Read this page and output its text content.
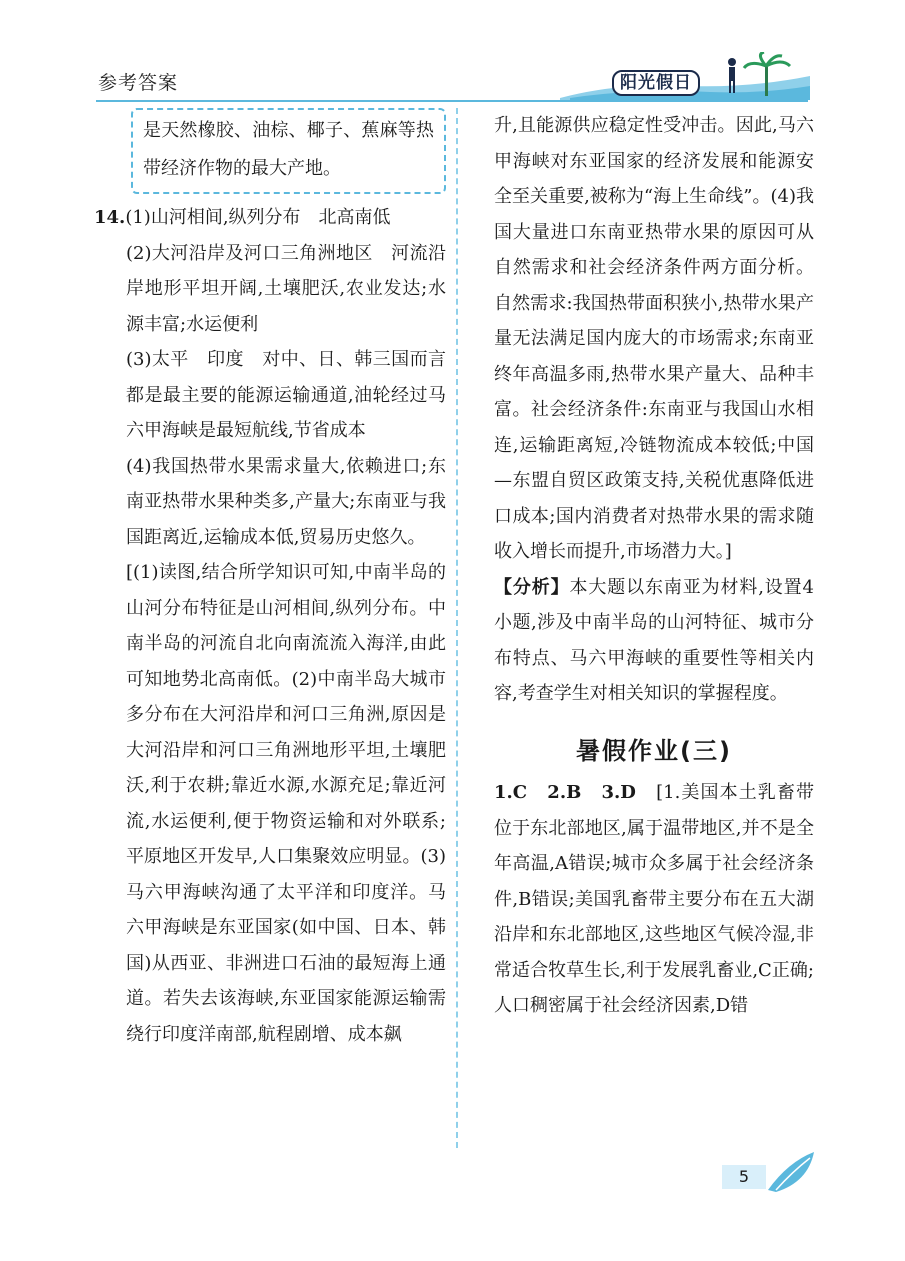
参考答案	阳光假日

是天然橡胶、油棕、椰子、蕉麻等热带经济作物的最大产地。

14.(1)山河相间,纵列分布　北高南低

(2)大河沿岸及河口三角洲地区　河流沿岸地形平坦开阔,土壤肥沃,农业发达;水源丰富;水运便利

(3)太平　印度　对中、日、韩三国而言都是最主要的能源运输通道,油轮经过马六甲海峡是最短航线,节省成本

(4)我国热带水果需求量大,依赖进口;东南亚热带水果种类多,产量大;东南亚与我国距离近,运输成本低,贸易历史悠久。

[(1)读图,结合所学知识可知,中南半岛的山河分布特征是山河相间,纵列分布。中南半岛的河流自北向南流流入海洋,由此可知地势北高南低。(2)中南半岛大城市多分布在大河沿岸和河口三角洲,原因是大河沿岸和河口三角洲地形平坦,土壤肥沃,利于农耕;靠近水源,水源充足;靠近河流,水运便利,便于物资运输和对外联系;平原地区开发早,人口集聚效应明显。(3)马六甲海峡沟通了太平洋和印度洋。马六甲海峡是东亚国家(如中国、日本、韩国)从西亚、非洲进口石油的最短海上通道。若失去该海峡,东亚国家能源运输需绕行印度洋南部,航程剧增、成本飙

升,且能源供应稳定性受冲击。因此,马六甲海峡对东亚国家的经济发展和能源安全至关重要,被称为“海上生命线”。(4)我国大量进口东南亚热带水果的原因可从自然需求和社会经济条件两方面分析。自然需求:我国热带面积狭小,热带水果产量无法满足国内庞大的市场需求;东南亚终年高温多雨,热带水果产量大、品种丰富。社会经济条件:东南亚与我国山水相连,运输距离短,冷链物流成本较低;中国—东盟自贸区政策支持,关税优惠降低进口成本;国内消费者对热带水果的需求随收入增长而提升,市场潜力大。]

【分析】本大题以东南亚为材料,设置4小题,涉及中南半岛的山河特征、城市分布特点、马六甲海峡的重要性等相关内容,考查学生对相关知识的掌握程度。

暑假作业(三)

1.C　2.B　3.D　[1.美国本土乳畜带位于东北部地区,属于温带地区,并不是全年高温,A错误;城市众多属于社会经济条件,B错误;美国乳畜带主要分布在五大湖沿岸和东北部地区,这些地区气候冷湿,非常适合牧草生长,利于发展乳畜业,C正确;人口稠密属于社会经济因素,D错

5
